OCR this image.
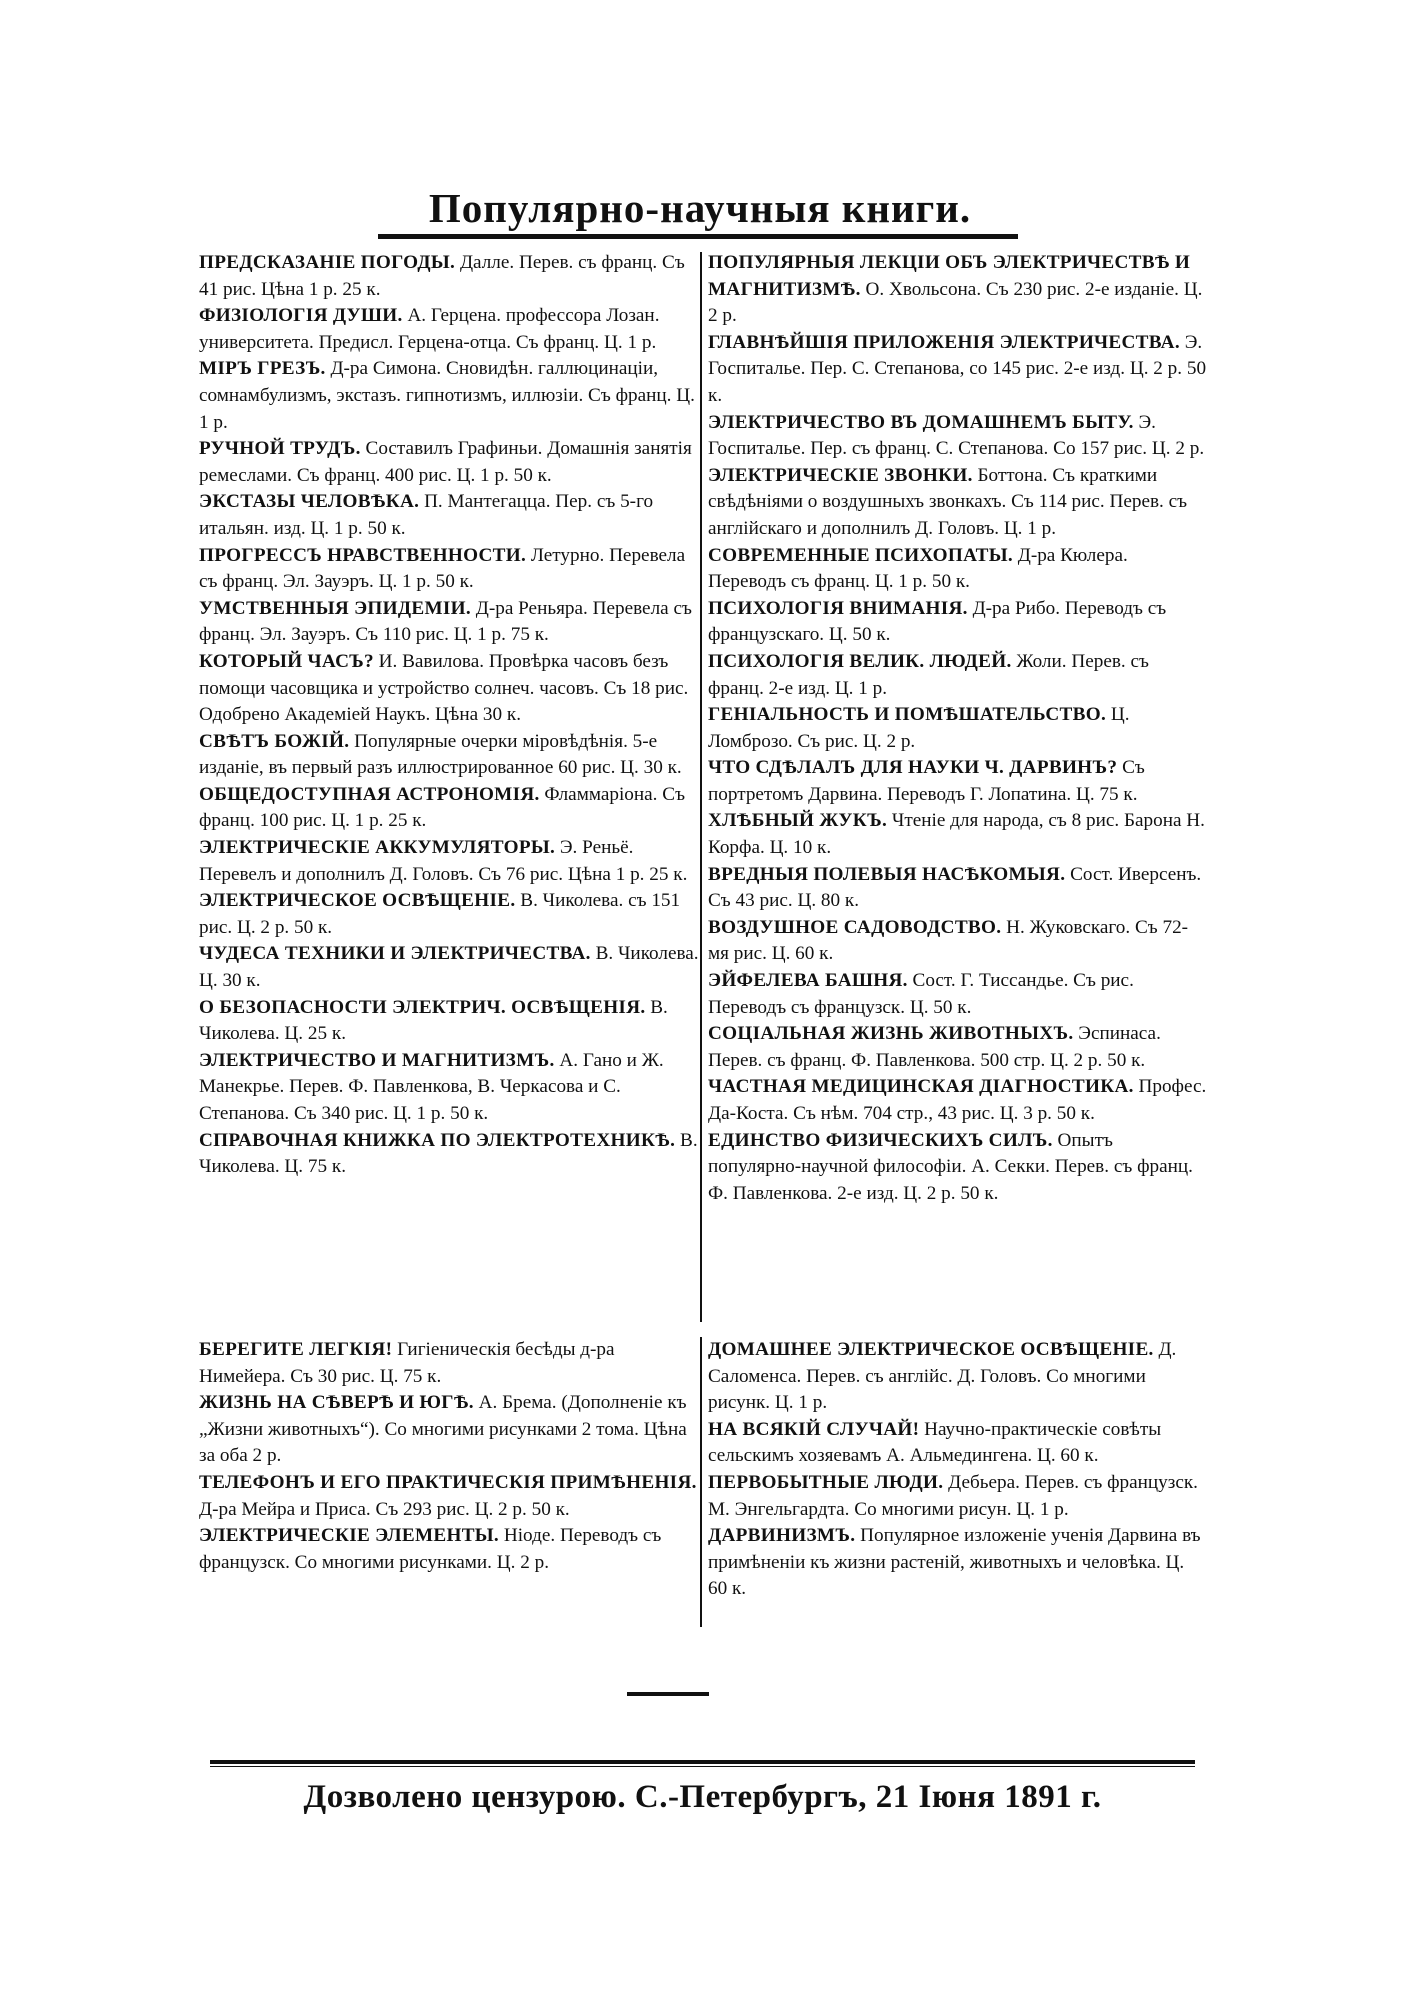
Популярно-научныя книги.

ПРЕДСКАЗАНІЕ ПОГОДЫ. Далле. Перев. съ франц. Съ 41 рис. Цѣна 1 р. 25 к.

ФИЗІОЛОГІЯ ДУШИ. А. Герцена. профессора Лозан. университета. Предисл. Герцена-отца. Съ франц. Ц. 1 р.

МІРЪ ГРЕЗЪ. Д-ра Симона. Сновидѣн. галлюцинаціи, сомнамбулизмъ, экстазъ. гипнотизмъ, иллюзіи. Съ франц. Ц. 1 р.

РУЧНОЙ ТРУДЪ. Составилъ Графиньи. Домашнія занятія ремеслами. Съ франц. 400 рис. Ц. 1 р. 50 к.

ЭКСТАЗЫ ЧЕЛОВѢКА. П. Мантегацца. Пер. съ 5-го итальян. изд. Ц. 1 р. 50 к.

ПРОГРЕССЪ НРАВСТВЕННОСТИ. Летурно. Перевела съ франц. Эл. Зауэръ. Ц. 1 р. 50 к.

УМСТВЕННЫЯ ЭПИДЕМІИ. Д-ра Реньяра. Перевела съ франц. Эл. Зауэръ. Съ 110 рис. Ц. 1 р. 75 к.

КОТОРЫЙ ЧАСЪ? И. Вавилова. Провѣрка часовъ безъ помощи часовщика и устройство солнеч. часовъ. Съ 18 рис. Одобрено Академіей Наукъ. Цѣна 30 к.

СВѢТЪ БОЖІЙ. Популярные очерки міровѣдѣнія. 5-е изданіе, въ первый разъ иллюстрированное 60 рис. Ц. 30 к.

ОБЩЕДОСТУПНАЯ АСТРОНОМІЯ. Фламмаріона. Съ франц. 100 рис. Ц. 1 р. 25 к.

ЭЛЕКТРИЧЕСКІЕ АККУМУЛЯТОРЫ. Э. Реньё. Перевелъ и дополнилъ Д. Головъ. Съ 76 рис. Цѣна 1 р. 25 к.

ЭЛЕКТРИЧЕСКОЕ ОСВѢЩЕНІЕ. В. Чиколева. съ 151 рис. Ц. 2 р. 50 к.

ЧУДЕСА ТЕХНИКИ И ЭЛЕКТРИЧЕСТВА. В. Чиколева. Ц. 30 к.

О БЕЗОПАСНОСТИ ЭЛЕКТРИЧ. ОСВѢЩЕНІЯ. В. Чиколева. Ц. 25 к.

ЭЛЕКТРИЧЕСТВО И МАГНИТИЗМЪ. А. Гано и Ж. Манекрье. Перев. Ф. Павленкова, В. Черкасова и С. Степанова. Съ 340 рис. Ц. 1 р. 50 к.

СПРАВОЧНАЯ КНИЖКА ПО ЭЛЕКТРОТЕХНИКѢ. В. Чиколева. Ц. 75 к.

ПОПУЛЯРНЫЯ ЛЕКЦІИ ОБЪ ЭЛЕКТРИЧЕСТВѢ И МАГНИТИЗМѢ. О. Хвольсона. Съ 230 рис. 2-е изданіе. Ц. 2 р.

ГЛАВНѢЙШІЯ ПРИЛОЖЕНІЯ ЭЛЕКТРИЧЕСТВА. Э. Госпиталье. Пер. С. Степанова, со 145 рис. 2-е изд. Ц. 2 р. 50 к.

ЭЛЕКТРИЧЕСТВО ВЪ ДОМАШНЕМЪ БЫТУ. Э. Госпиталье. Пер. съ франц. С. Степанова. Со 157 рис. Ц. 2 р.

ЭЛЕКТРИЧЕСКІЕ ЗВОНКИ. Боттона. Съ краткими свѣдѣніями о воздушныхъ звонкахъ. Съ 114 рис. Перев. съ англійскаго и дополнилъ Д. Головъ. Ц. 1 р.

СОВРЕМЕННЫЕ ПСИХОПАТЫ. Д-ра Кюлера. Переводъ съ франц. Ц. 1 р. 50 к.

ПСИХОЛОГІЯ ВНИМАНІЯ. Д-ра Рибо. Переводъ съ французскаго. Ц. 50 к.

ПСИХОЛОГІЯ ВЕЛИК. ЛЮДЕЙ. Жоли. Перев. съ франц. 2-е изд. Ц. 1 р.

ГЕНІАЛЬНОСТЬ И ПОМѢШАТЕЛЬСТВО. Ц. Ломброзо. Съ рис. Ц. 2 р.

ЧТО СДѢЛАЛЪ ДЛЯ НАУКИ Ч. ДАРВИНЪ? Съ портретомъ Дарвина. Переводъ Г. Лопатина. Ц. 75 к.

ХЛѢБНЫЙ ЖУКЪ. Чтеніе для народа, съ 8 рис. Барона Н. Корфа. Ц. 10 к.

ВРЕДНЫЯ ПОЛЕВЫЯ НАСѢКОМЫЯ. Сост. Иверсенъ. Съ 43 рис. Ц. 80 к.

ВОЗДУШНОЕ САДОВОДСТВО. Н. Жуковскаго. Съ 72-мя рис. Ц. 60 к.

ЭЙФЕЛЕВА БАШНЯ. Сост. Г. Тиссандье. Съ рис. Переводъ съ французск. Ц. 50 к.

СОЦІАЛЬНАЯ ЖИЗНЬ ЖИВОТНЫХЪ. Эспинаса. Перев. съ франц. Ф. Павленкова. 500 стр. Ц. 2 р. 50 к.

ЧАСТНАЯ МЕДИЦИНСКАЯ ДІАГНОСТИКА. Профес. Да-Коста. Съ нѣм. 704 стр., 43 рис. Ц. 3 р. 50 к.

ЕДИНСТВО ФИЗИЧЕСКИХЪ СИЛЪ. Опытъ популярно-научной философіи. А. Секки. Перев. съ франц. Ф. Павленкова. 2-е изд. Ц. 2 р. 50 к.

БЕРЕГИТЕ ЛЕГКІЯ! Гигіеническія бесѣды д-ра Нимейера. Съ 30 рис. Ц. 75 к.

ЖИЗНЬ НА СѢВЕРѢ И ЮГѢ. А. Брема. (Дополненіе къ „Жизни животныхъ“). Со многими рисунками 2 тома. Цѣна за оба 2 р.

ТЕЛЕФОНЪ И ЕГО ПРАКТИЧЕСКІЯ ПРИМѢНЕНІЯ. Д-ра Мейра и Приса. Съ 293 рис. Ц. 2 р. 50 к.

ЭЛЕКТРИЧЕСКІЕ ЭЛЕМЕНТЫ. Ніоде. Переводъ съ французск. Со многими рисунками. Ц. 2 р.

ДОМАШНЕЕ ЭЛЕКТРИЧЕСКОЕ ОСВѢЩЕНІЕ. Д. Саломенса. Перев. съ англійс. Д. Головъ. Со многими рисунк. Ц. 1 р.

НА ВСЯКІЙ СЛУЧАЙ! Научно-практическіе совѣты сельскимъ хозяевамъ А. Альмедингена. Ц. 60 к.

ПЕРВОБЫТНЫЕ ЛЮДИ. Дебьера. Перев. съ французск. М. Энгельгардта. Со многими рисун. Ц. 1 р.

ДАРВИНИЗМЪ. Популярное изложеніе ученія Дарвина въ примѣненіи къ жизни растеній, животныхъ и человѣка. Ц. 60 к.

Дозволено цензурою. С.-Петербургъ, 21 Іюня 1891 г.
